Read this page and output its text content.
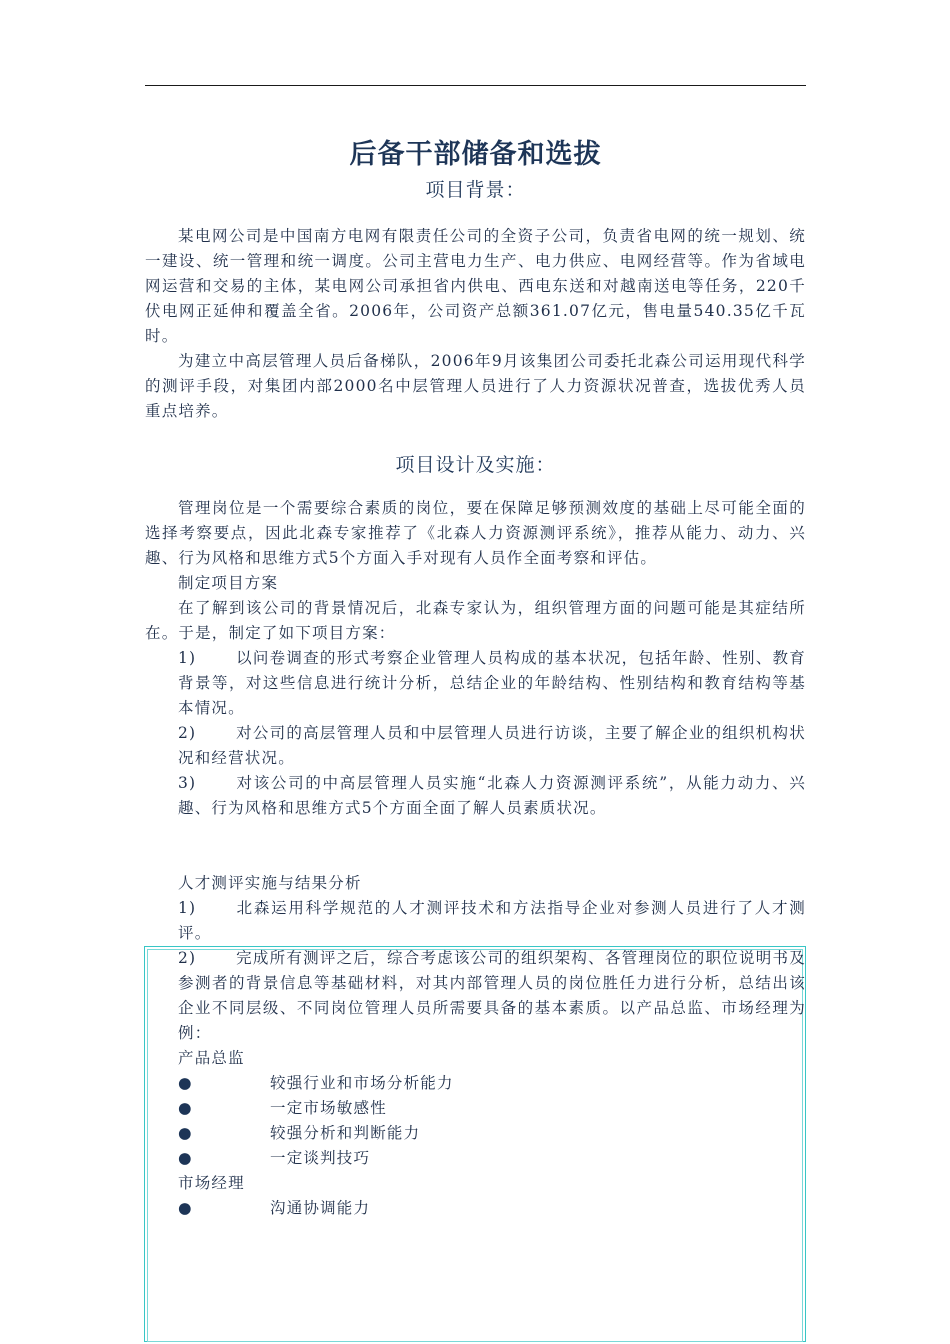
后备干部储备和选拔
项目背景：

某电网公司是中国南方电网有限责任公司的全资子公司，负责省电网的统一规划、统一建设、统一管理和统一调度。公司主营电力生产、电力供应、电网经营等。作为省域电网运营和交易的主体，某电网公司承担省内供电、西电东送和对越南送电等任务，220千伏电网正延伸和覆盖全省。2006年，公司资产总额361.07亿元，售电量540.35亿千瓦时。

为建立中高层管理人员后备梯队，2006年9月该集团公司委托北森公司运用现代科学的测评手段，对集团内部2000名中层管理人员进行了人力资源状况普查，选拔优秀人员重点培养。

项目设计及实施：

管理岗位是一个需要综合素质的岗位，要在保障足够预测效度的基础上尽可能全面的选择考察要点，因此北森专家推荐了《北森人力资源测评系统》，推荐从能力、动力、兴趣、行为风格和思维方式5个方面入手对现有人员作全面考察和评估。

制定项目方案

在了解到该公司的背景情况后，北森专家认为，组织管理方面的问题可能是其症结所在。于是，制定了如下项目方案：

1)	以问卷调查的形式考察企业管理人员构成的基本状况，包括年龄、性别、教育背景等，对这些信息进行统计分析，总结企业的年龄结构、性别结构和教育结构等基本情况。

2)	对公司的高层管理人员和中层管理人员进行访谈，主要了解企业的组织机构状况和经营状况。

3)	对该公司的中高层管理人员实施“北森人力资源测评系统”，从能力动力、兴趣、行为风格和思维方式5个方面全面了解人员素质状况。

人才测评实施与结果分析

1)	北森运用科学规范的人才测评技术和方法指导企业对参测人员进行了人才测评。

2)	完成所有测评之后，综合考虑该公司的组织架构、各管理岗位的职位说明书及参测者的背景信息等基础材料，对其内部管理人员的岗位胜任力进行分析，总结出该企业不同层级、不同岗位管理人员所需要具备的基本素质。以产品总监、市场经理为例：

产品总监

●	较强行业和市场分析能力

●	一定市场敏感性

●	较强分析和判断能力

●	一定谈判技巧

市场经理

●	沟通协调能力
